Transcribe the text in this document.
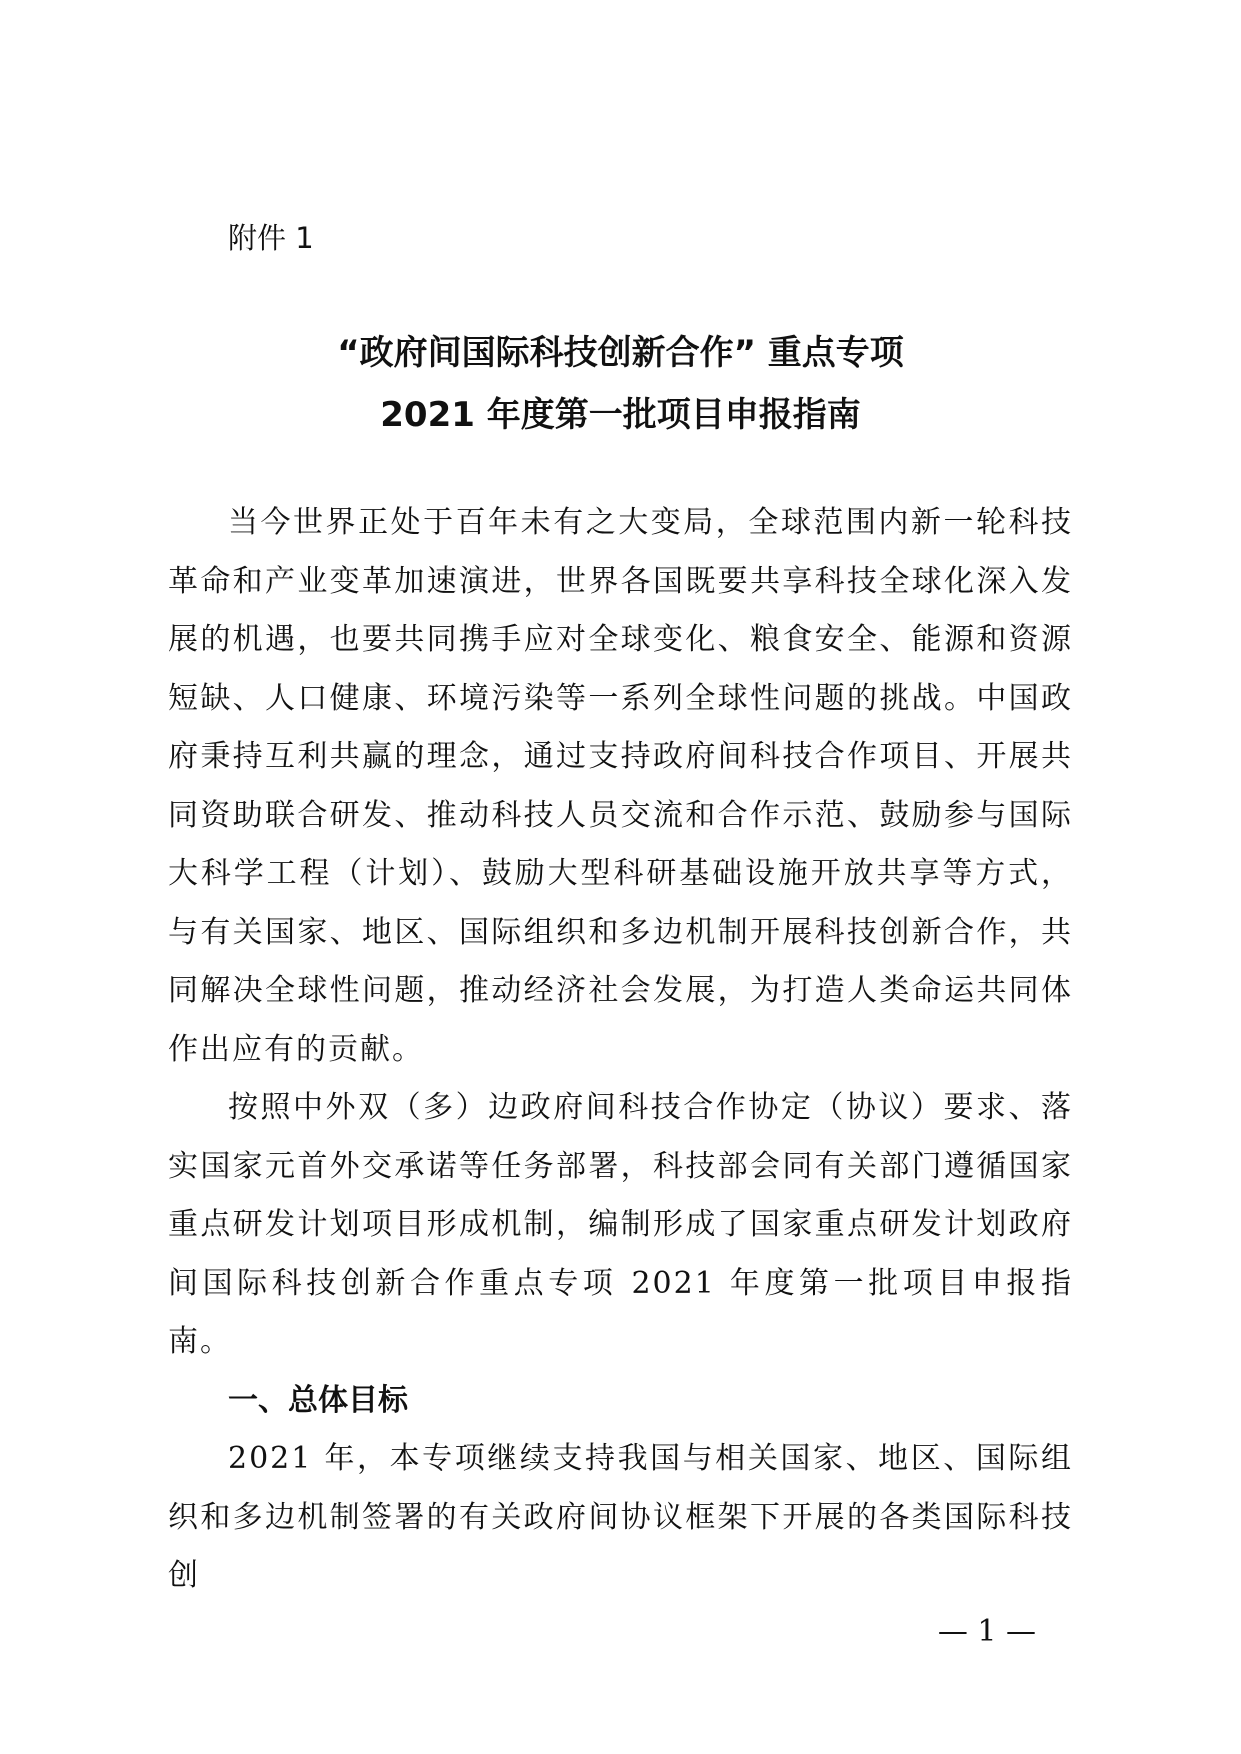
附件 1
“政府间国际科技创新合作” 重点专项
2021 年度第一批项目申报指南

当今世界正处于百年未有之大变局，全球范围内新一轮科技革命和产业变革加速演进，世界各国既要共享科技全球化深入发展的机遇，也要共同携手应对全球变化、粮食安全、能源和资源短缺、人口健康、环境污染等一系列全球性问题的挑战。中国政府秉持互利共赢的理念，通过支持政府间科技合作项目、开展共同资助联合研发、推动科技人员交流和合作示范、鼓励参与国际大科学工程（计划）、鼓励大型科研基础设施开放共享等方式，与有关国家、地区、国际组织和多边机制开展科技创新合作，共同解决全球性问题，推动经济社会发展，为打造人类命运共同体作出应有的贡献。

按照中外双（多）边政府间科技合作协定（协议）要求、落实国家元首外交承诺等任务部署，科技部会同有关部门遵循国家重点研发计划项目形成机制，编制形成了国家重点研发计划政府间国际科技创新合作重点专项 2021 年度第一批项目申报指南。

一、总体目标

2021 年，本专项继续支持我国与相关国家、地区、国际组织和多边机制签署的有关政府间协议框架下开展的各类国际科技创

— 1 —
